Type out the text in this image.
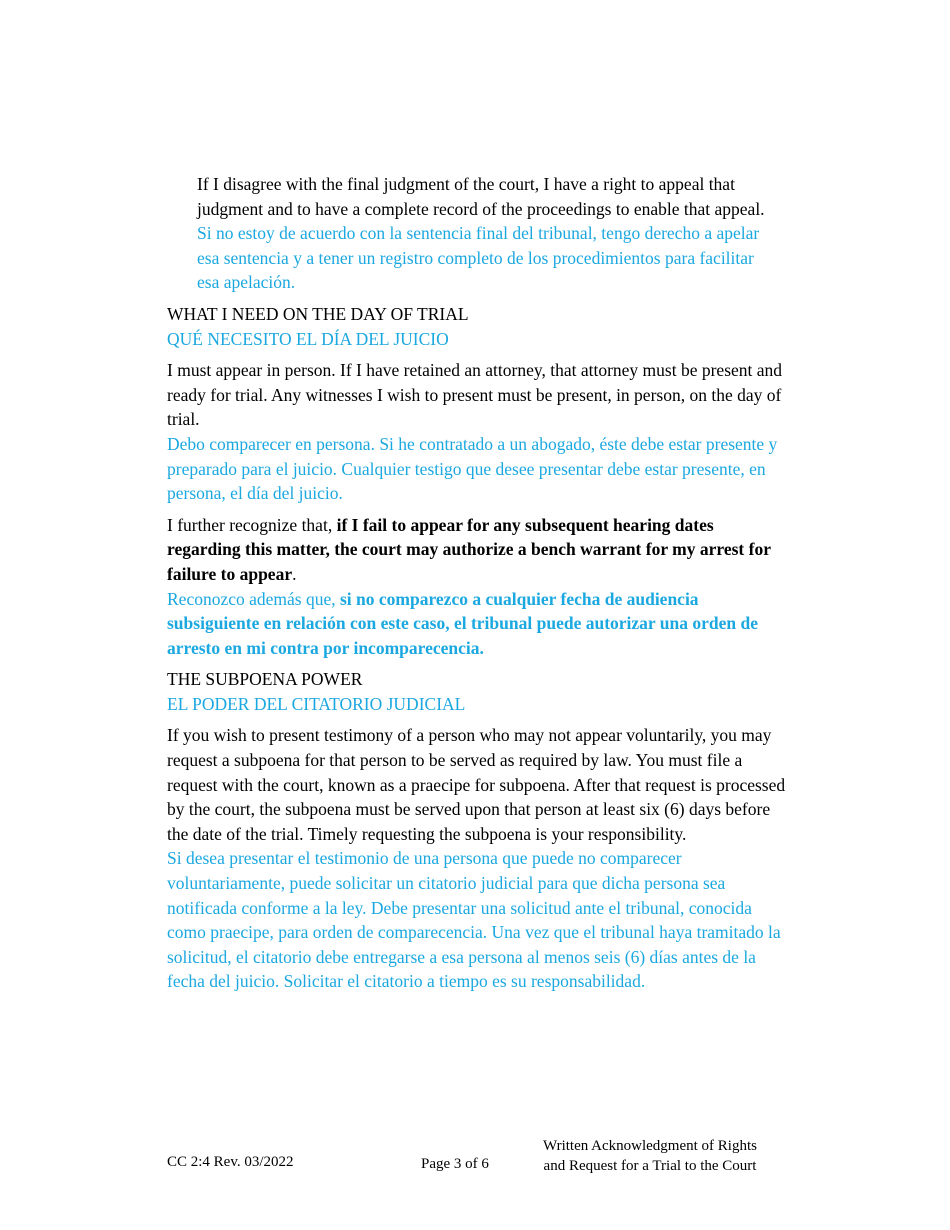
If I disagree with the final judgment of the court, I have a right to appeal that judgment and to have a complete record of the proceedings to enable that appeal.

Si no estoy de acuerdo con la sentencia final del tribunal, tengo derecho a apelar esa sentencia y a tener un registro completo de los procedimientos para facilitar esa apelación.

WHAT I NEED ON THE DAY OF TRIAL

QUÉ NECESITO EL DÍA DEL JUICIO

I must appear in person. If I have retained an attorney, that attorney must be present and ready for trial. Any witnesses I wish to present must be present, in person, on the day of trial.

Debo comparecer en persona. Si he contratado a un abogado, éste debe estar presente y preparado para el juicio. Cualquier testigo que desee presentar debe estar presente, en persona, el día del juicio.

I further recognize that, if I fail to appear for any subsequent hearing dates regarding this matter, the court may authorize a bench warrant for my arrest for failure to appear.

Reconozco además que, si no comparezco a cualquier fecha de audiencia subsiguiente en relación con este caso, el tribunal puede autorizar una orden de arresto en mi contra por incomparecencia.

THE SUBPOENA POWER

EL PODER DEL CITATORIO JUDICIAL

If you wish to present testimony of a person who may not appear voluntarily, you may request a subpoena for that person to be served as required by law. You must file a request with the court, known as a praecipe for subpoena. After that request is processed by the court, the subpoena must be served upon that person at least six (6) days before the date of the trial. Timely requesting the subpoena is your responsibility.

Si desea presentar el testimonio de una persona que puede no comparecer voluntariamente, puede solicitar un citatorio judicial para que dicha persona sea notificada conforme a la ley. Debe presentar una solicitud ante el tribunal, conocida como praecipe, para orden de comparecencia. Una vez que el tribunal haya tramitado la solicitud, el citatorio debe entregarse a esa persona al menos seis (6) días antes de la fecha del juicio. Solicitar el citatorio a tiempo es su responsabilidad.

CC 2:4 Rev. 03/2022	Page 3 of 6
Written Acknowledgment of Rights
and Request for a Trial to the Court
